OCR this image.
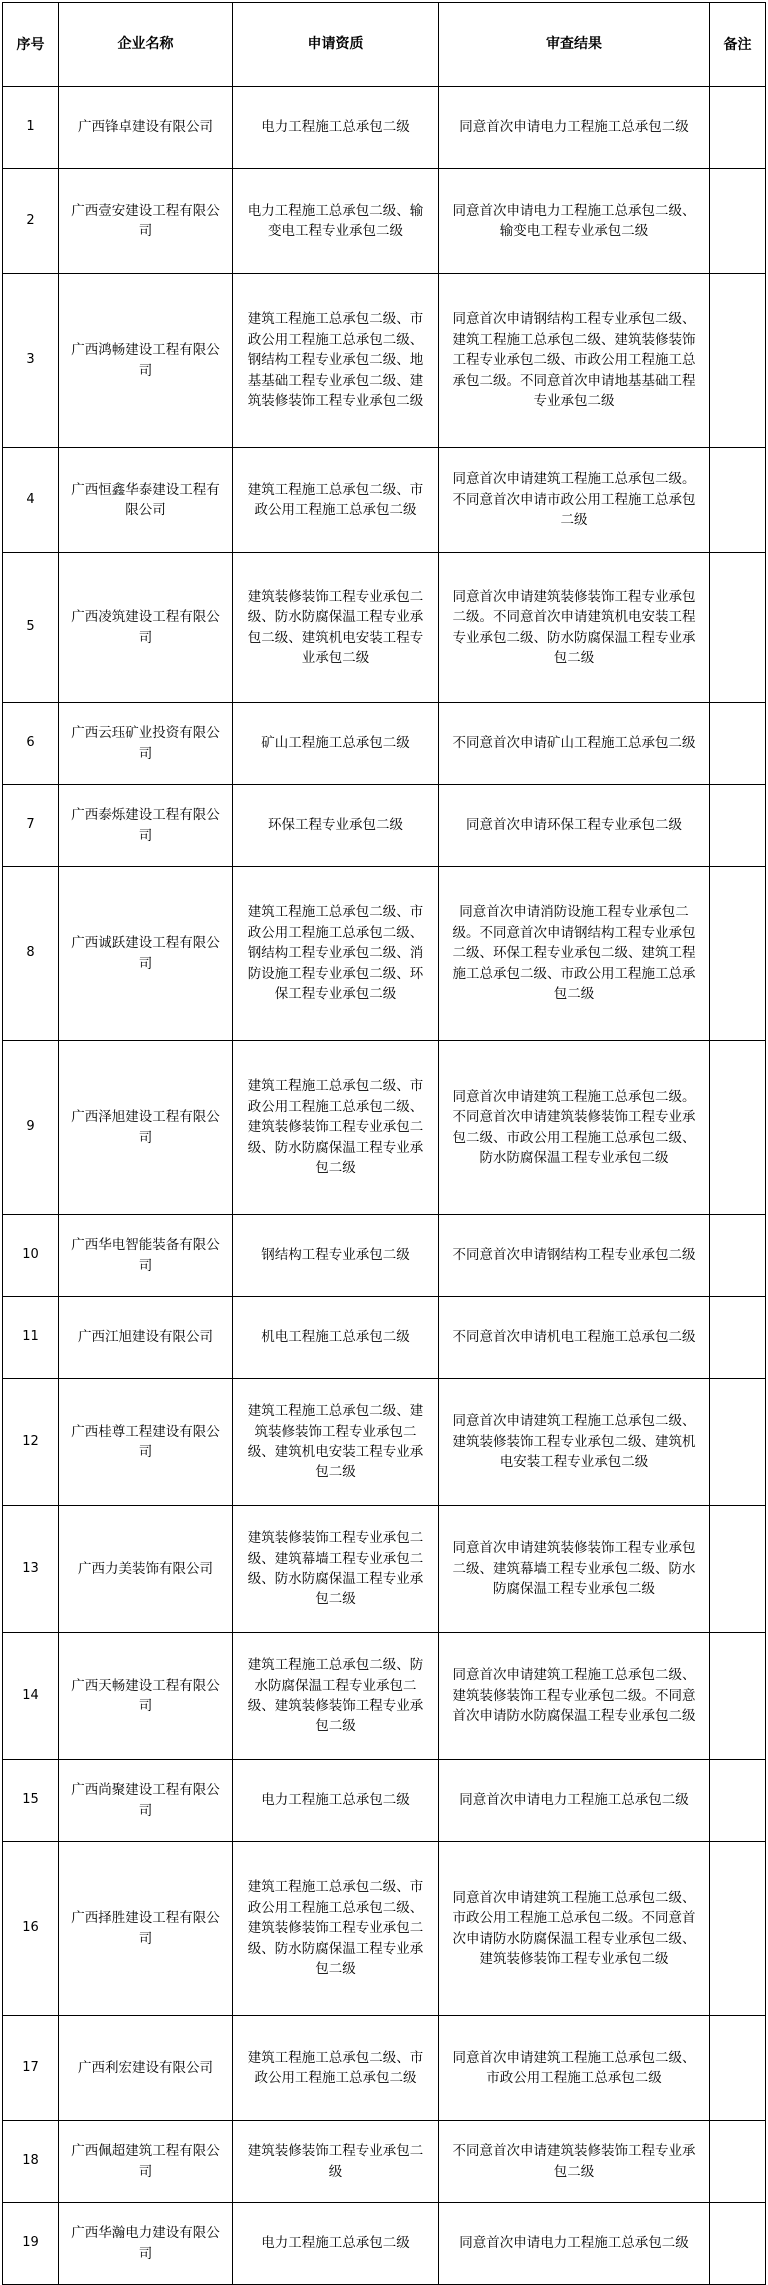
序号	企业名称	申请资质	审查结果	备注
1	广西锋卓建设有限公司	电力工程施工总承包二级	同意首次申请电力工程施工总承包二级	
2	广西壹安建设工程有限公司	电力工程施工总承包二级、输变电工程专业承包二级	同意首次申请电力工程施工总承包二级、输变电工程专业承包二级	
3	广西鸿畅建设工程有限公司	建筑工程施工总承包二级、市政公用工程施工总承包二级、钢结构工程专业承包二级、地基基础工程专业承包二级、建筑装修装饰工程专业承包二级	同意首次申请钢结构工程专业承包二级、建筑工程施工总承包二级、建筑装修装饰工程专业承包二级、市政公用工程施工总承包二级。不同意首次申请地基基础工程专业承包二级	
4	广西恒鑫华泰建设工程有限公司	建筑工程施工总承包二级、市政公用工程施工总承包二级	同意首次申请建筑工程施工总承包二级。不同意首次申请市政公用工程施工总承包二级	
5	广西凌筑建设工程有限公司	建筑装修装饰工程专业承包二级、防水防腐保温工程专业承包二级、建筑机电安装工程专业承包二级	同意首次申请建筑装修装饰工程专业承包二级。不同意首次申请建筑机电安装工程专业承包二级、防水防腐保温工程专业承包二级	
6	广西云珏矿业投资有限公司	矿山工程施工总承包二级	不同意首次申请矿山工程施工总承包二级	
7	广西泰烁建设工程有限公司	环保工程专业承包二级	同意首次申请环保工程专业承包二级	
8	广西诚跃建设工程有限公司	建筑工程施工总承包二级、市政公用工程施工总承包二级、钢结构工程专业承包二级、消防设施工程专业承包二级、环保工程专业承包二级	同意首次申请消防设施工程专业承包二级。不同意首次申请钢结构工程专业承包二级、环保工程专业承包二级、建筑工程施工总承包二级、市政公用工程施工总承包二级	
9	广西泽旭建设工程有限公司	建筑工程施工总承包二级、市政公用工程施工总承包二级、建筑装修装饰工程专业承包二级、防水防腐保温工程专业承包二级	同意首次申请建筑工程施工总承包二级。不同意首次申请建筑装修装饰工程专业承包二级、市政公用工程施工总承包二级、防水防腐保温工程专业承包二级	
10	广西华电智能装备有限公司	钢结构工程专业承包二级	不同意首次申请钢结构工程专业承包二级	
11	广西江旭建设有限公司	机电工程施工总承包二级	不同意首次申请机电工程施工总承包二级	
12	广西桂尊工程建设有限公司	建筑工程施工总承包二级、建筑装修装饰工程专业承包二级、建筑机电安装工程专业承包二级	同意首次申请建筑工程施工总承包二级、建筑装修装饰工程专业承包二级、建筑机电安装工程专业承包二级	
13	广西力美装饰有限公司	建筑装修装饰工程专业承包二级、建筑幕墙工程专业承包二级、防水防腐保温工程专业承包二级	同意首次申请建筑装修装饰工程专业承包二级、建筑幕墙工程专业承包二级、防水防腐保温工程专业承包二级	
14	广西天畅建设工程有限公司	建筑工程施工总承包二级、防水防腐保温工程专业承包二级、建筑装修装饰工程专业承包二级	同意首次申请建筑工程施工总承包二级、建筑装修装饰工程专业承包二级。不同意首次申请防水防腐保温工程专业承包二级	
15	广西尚聚建设工程有限公司	电力工程施工总承包二级	同意首次申请电力工程施工总承包二级	
16	广西择胜建设工程有限公司	建筑工程施工总承包二级、市政公用工程施工总承包二级、建筑装修装饰工程专业承包二级、防水防腐保温工程专业承包二级	同意首次申请建筑工程施工总承包二级、市政公用工程施工总承包二级。不同意首次申请防水防腐保温工程专业承包二级、建筑装修装饰工程专业承包二级	
17	广西利宏建设有限公司	建筑工程施工总承包二级、市政公用工程施工总承包二级	同意首次申请建筑工程施工总承包二级、市政公用工程施工总承包二级	
18	广西佩超建筑工程有限公司	建筑装修装饰工程专业承包二级	不同意首次申请建筑装修装饰工程专业承包二级	
19	广西华瀚电力建设有限公司	电力工程施工总承包二级	同意首次申请电力工程施工总承包二级	
